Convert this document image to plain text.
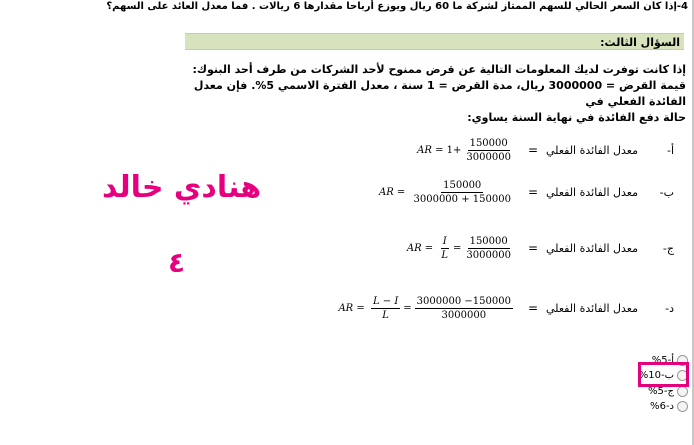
4-إذا كان السعر الحالي للسهم الممتاز لشركة ما 60 ريال ويوزع أرباحا مقدارها 6 ريالات . فما معدل العائد على السهم؟
السؤال الثالث:

إذا كانت توفرت لديك المعلومات التالية عن قرض ممنوح لأحد الشركات من طرف أحد البنوك:

قيمة القرض = 3000000 ريال، مدة القرض = 1 سنة ، معدل الفترة الاسمي 5%. فإن معدل الفائدة الفعلي في

حالة دفع الفائدة في نهاية السنة يساوي:

أ-
معدل الفائدة الفعلي
=
AR = $1+ \frac{150000}{3000000}$
ب-
معدل الفائدة الفعلي
=
AR = $\frac{150000}{3000000 + 150000}$
ج-
معدل الفائدة الفعلي
=
AR = $\frac{I}{L} = \frac{150000}{3000000}$
د-
معدل الفائدة الفعلي
=
AR = $\frac{L - I}{L} = \frac{3000000 -150000}{3000000}$
هنادي خالد
٤
أ-5%
ب-10%
ج-5%
د-6%
